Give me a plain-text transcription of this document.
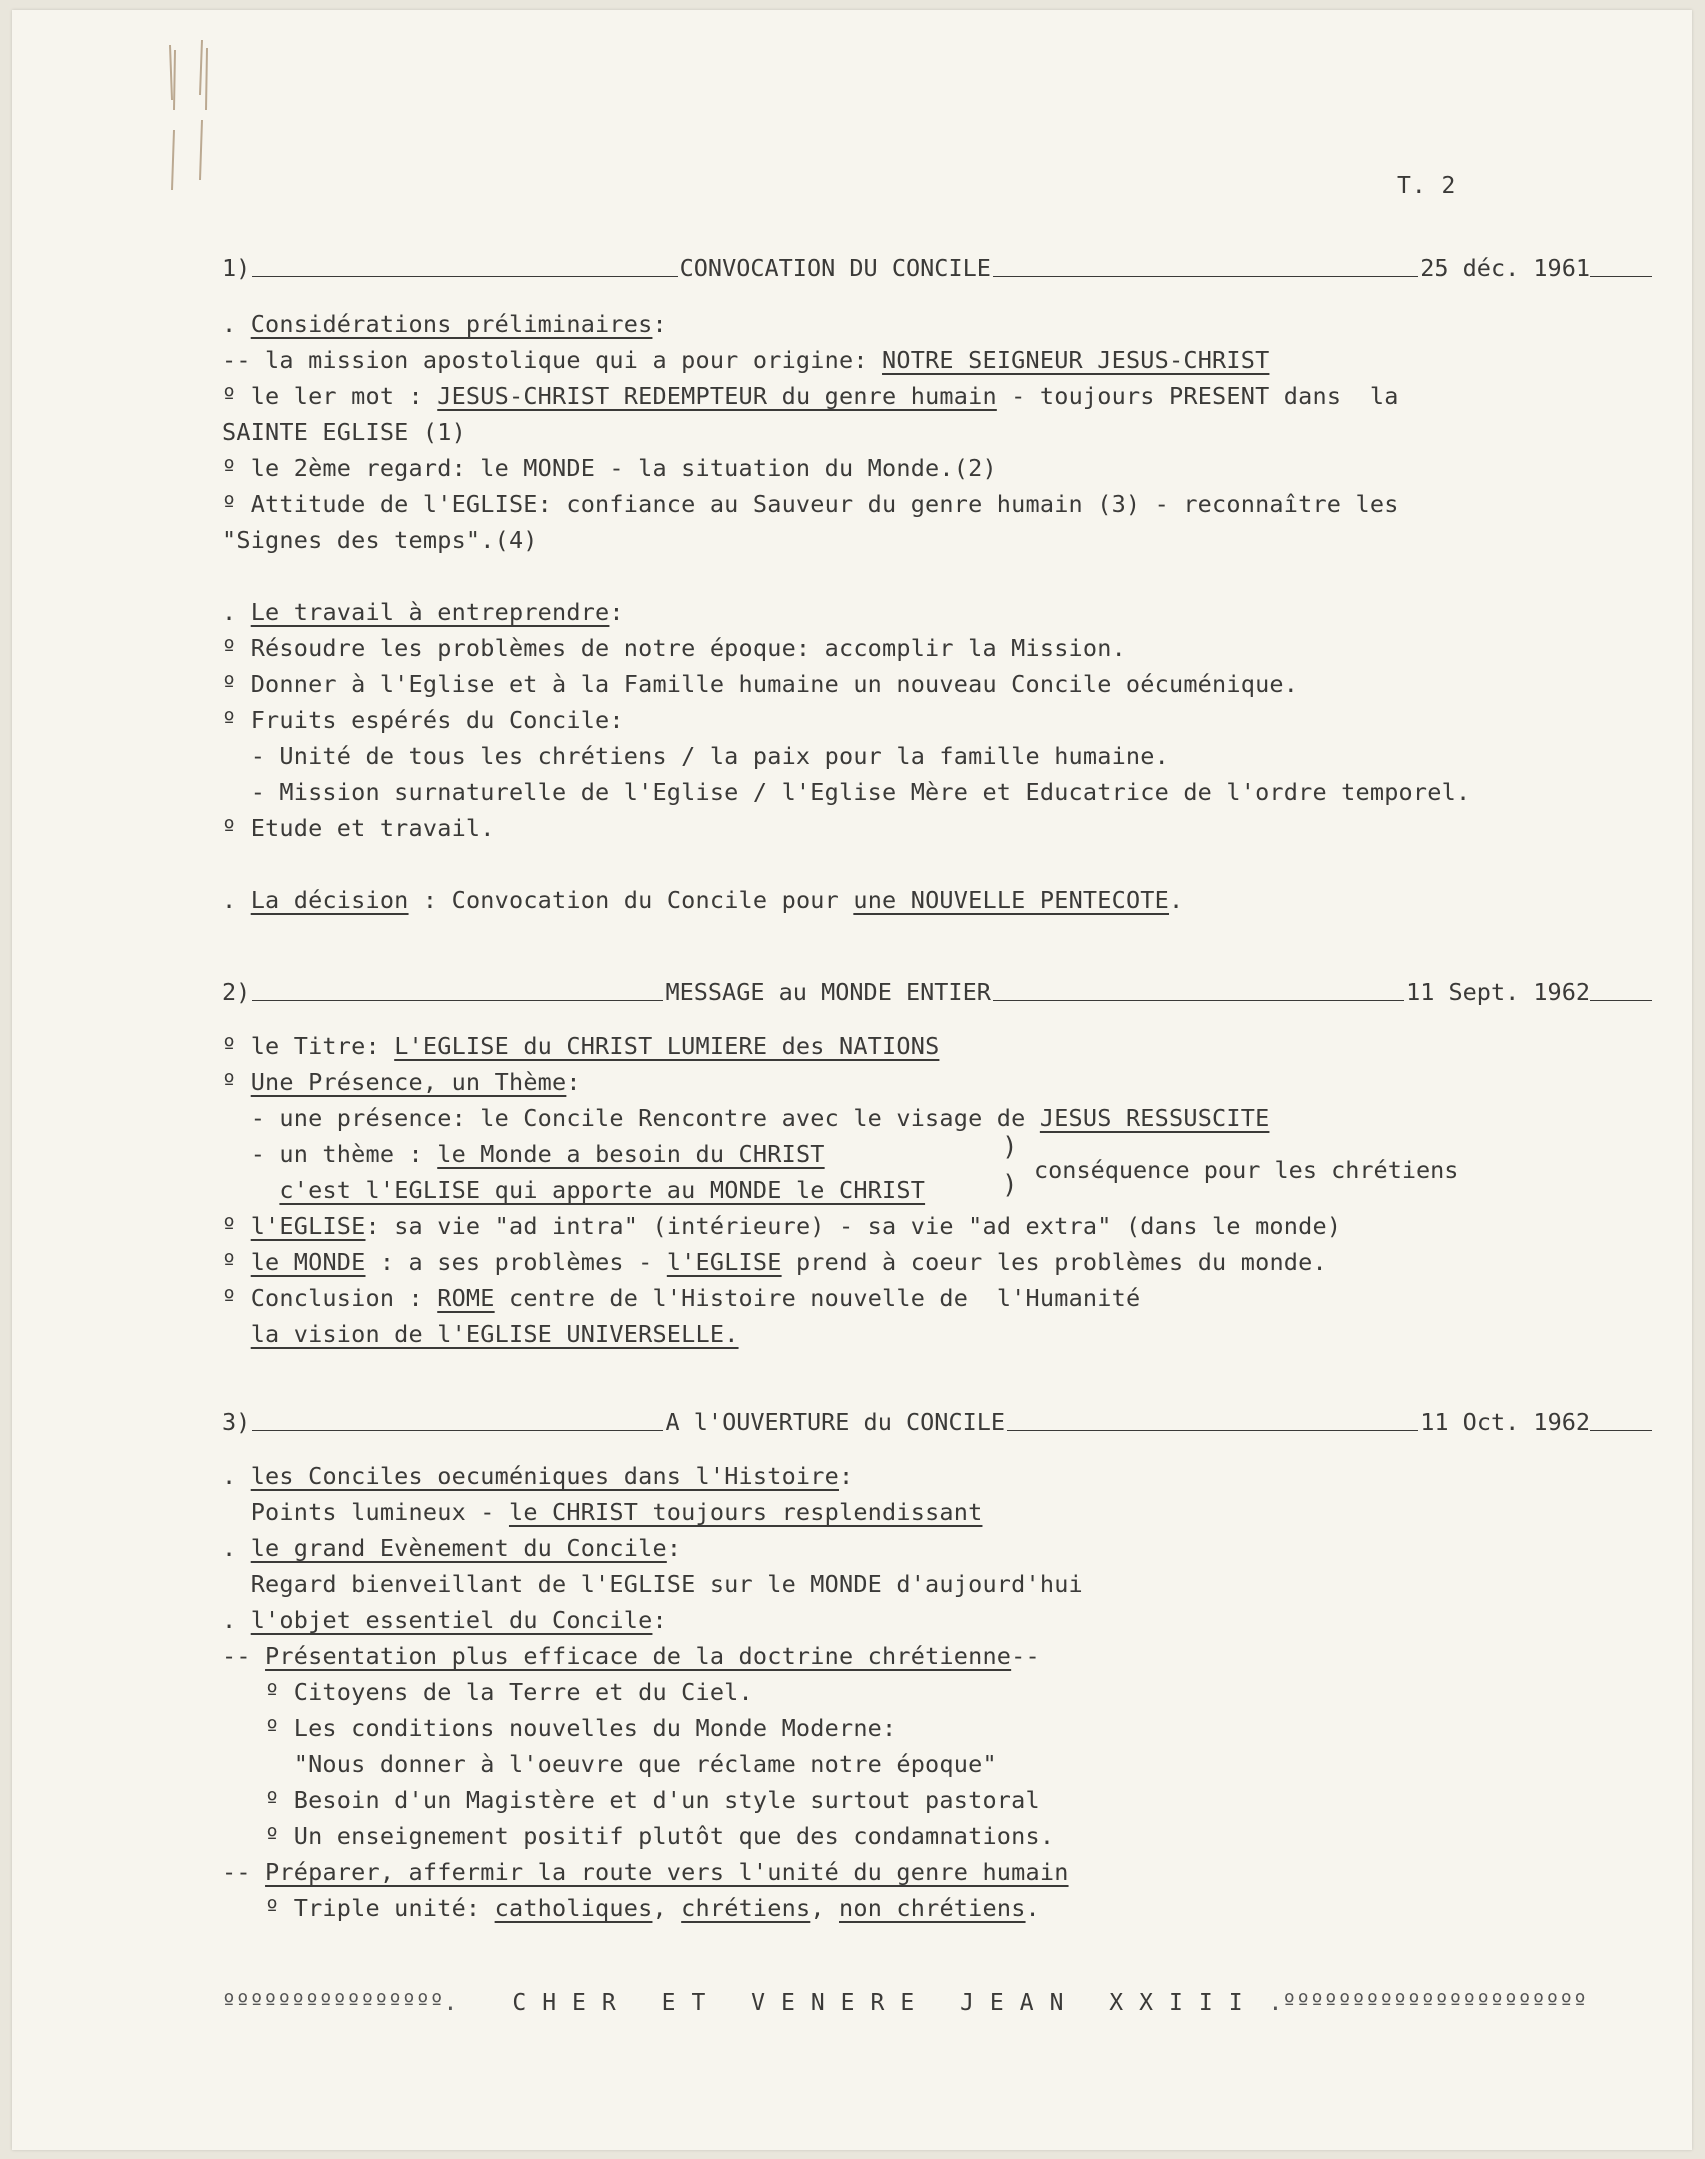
T. 2
1)	CONVOCATION DU CONCILE	25 déc. 1961
. Considérations préliminaires:
-- la mission apostolique qui a pour origine: NOTRE SEIGNEUR JESUS-CHRIST
º le ler mot : JESUS-CHRIST REDEMPTEUR du genre humain - toujours PRESENT dans  la
SAINTE EGLISE (1)
º le 2ème regard: le MONDE - la situation du Monde.(2)
º Attitude de l'EGLISE: confiance au Sauveur du genre humain (3) - reconnaître les
"Signes des temps".(4)
. Le travail à entreprendre:
º Résoudre les problèmes de notre époque: accomplir la Mission.
º Donner à l'Eglise et à la Famille humaine un nouveau Concile oécuménique.
º Fruits espérés du Concile:
- Unité de tous les chrétiens / la paix pour la famille humaine.
- Mission surnaturelle de l'Eglise / l'Eglise Mère et Educatrice de l'ordre temporel.
º Etude et travail.
. La décision : Convocation du Concile pour une NOUVELLE PENTECOTE.
2)	MESSAGE au MONDE ENTIER	11 Sept. 1962
º le Titre: L'EGLISE du CHRIST LUMIERE des NATIONS
º Une Présence, un Thème:
- une présence: le Concile Rencontre avec le visage de JESUS RESSUSCITE
- un thème : le Monde a besoin du CHRIST
c'est l'EGLISE qui apporte au MONDE le CHRIST
)
) conséquence pour les chrétiens
º l'EGLISE: sa vie "ad intra" (intérieure) - sa vie "ad extra" (dans le monde)
º le MONDE : a ses problèmes - l'EGLISE prend à coeur les problèmes du monde.
º Conclusion : ROME centre de l'Histoire nouvelle de  l'Humanité
la vision de l'EGLISE UNIVERSELLE.
3)	A l'OUVERTURE du CONCILE	11 Oct. 1962
. les Conciles oecuméniques dans l'Histoire:
Points lumineux - le CHRIST toujours resplendissant
. le grand Evènement du Concile:
Regard bienveillant de l'EGLISE sur le MONDE d'aujourd'hui
. l'objet essentiel du Concile:
-- Présentation plus efficace de la doctrine chrétienne--
º Citoyens de la Terre et du Ciel.
º Les conditions nouvelles du Monde Moderne:
"Nous donner à l'oeuvre que réclame notre époque"
º Besoin d'un Magistère et d'un style surtout pastoral
º Un enseignement positif plutôt que des condamnations.
-- Préparer, affermir la route vers l'unité du genre humain
º Triple unité: catholiques, chrétiens, non chrétiens.
ºººººººººººººººº.	CHER ET VENERE JEAN XXIII .ºººººººººººººººººººººº
